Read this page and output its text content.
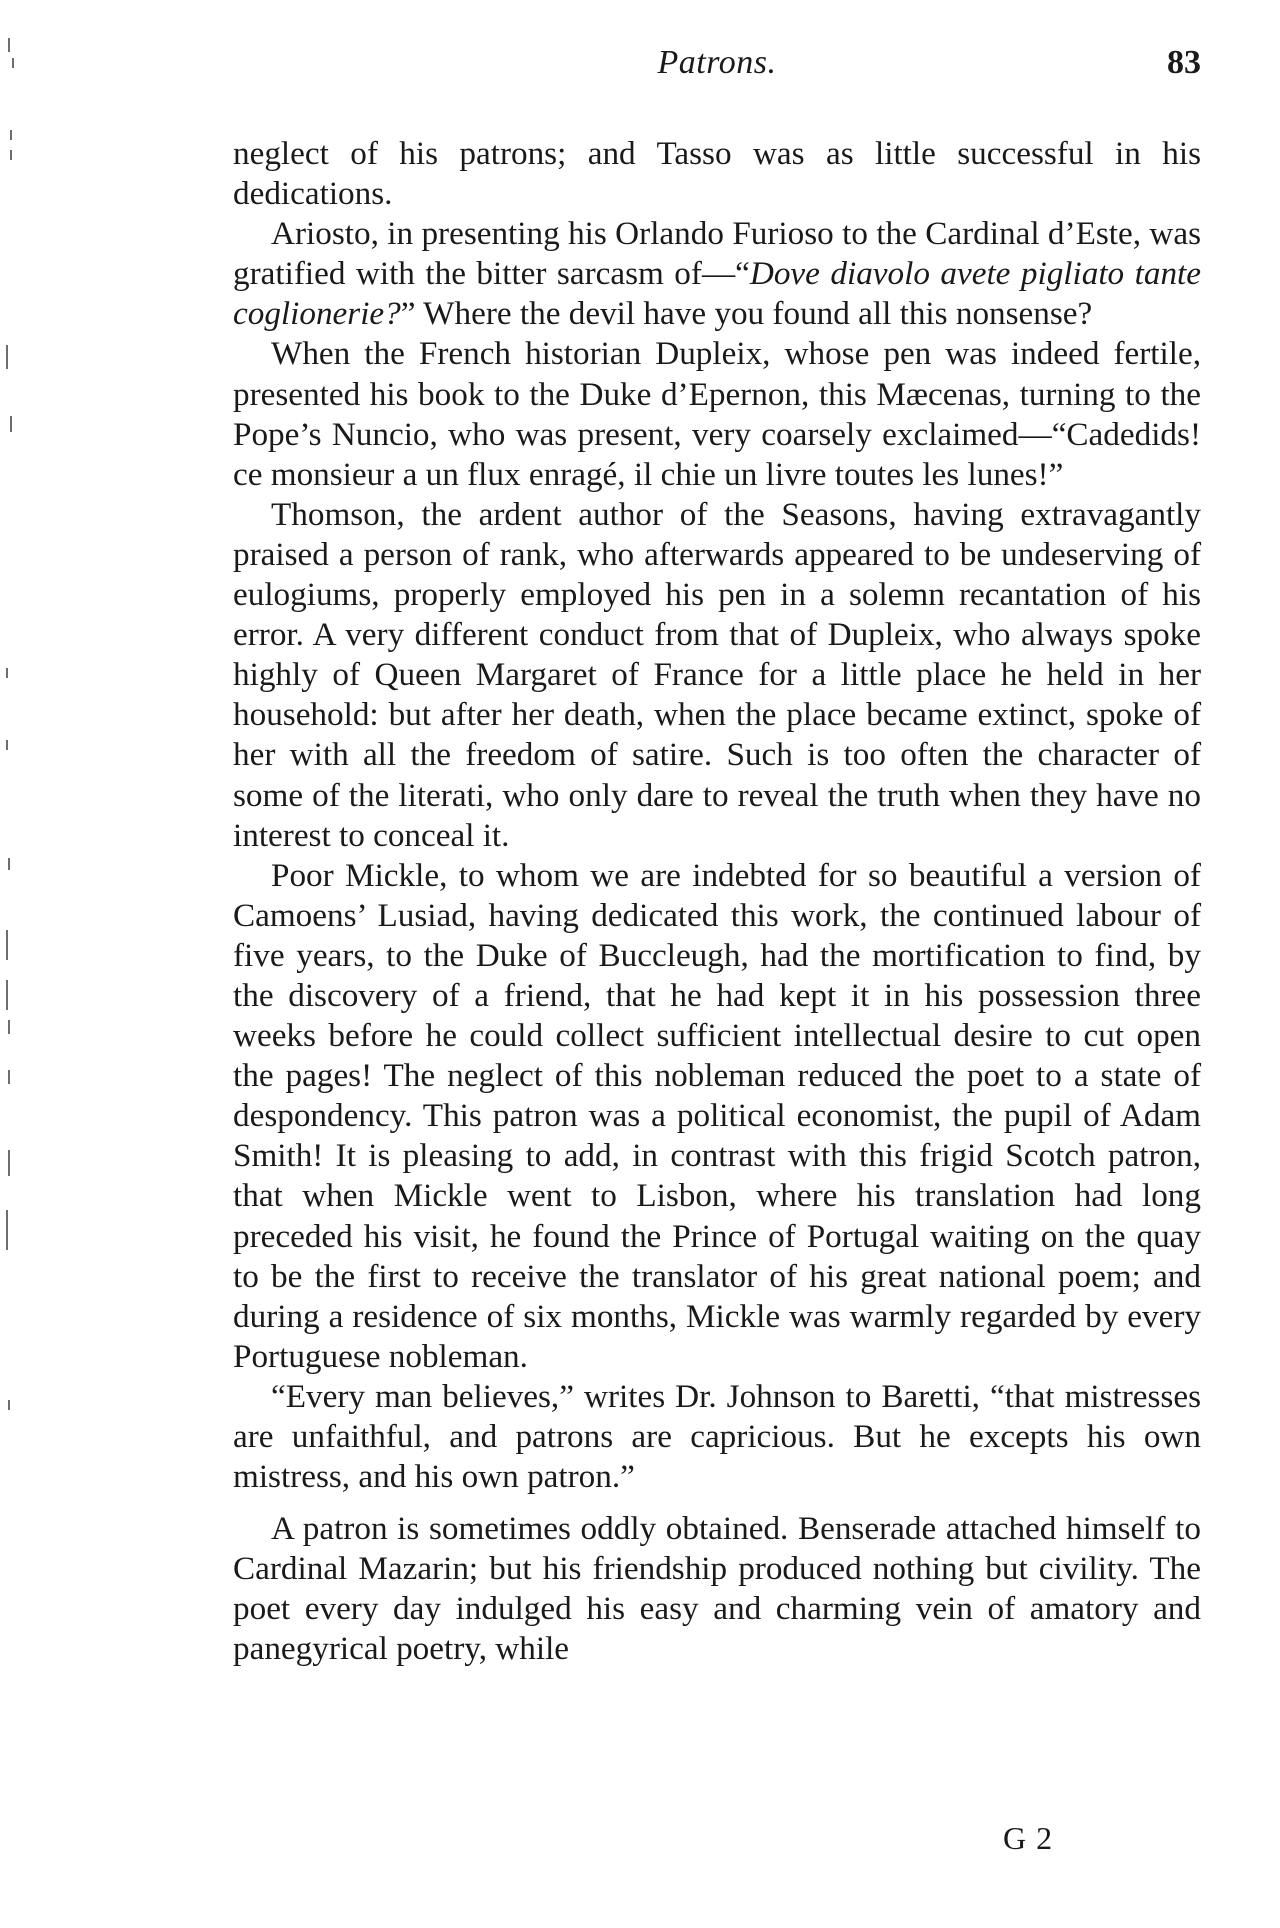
Patrons.	83

neglect of his patrons; and Tasso was as little successful in his dedications.

Ariosto, in presenting his Orlando Furioso to the Cardinal d’Este, was gratified with the bitter sarcasm of—“Dove diavolo avete pigliato tante coglionerie?” Where the devil have you found all this nonsense?

When the French historian Dupleix, whose pen was indeed fertile, presented his book to the Duke d’Epernon, this Mæcenas, turning to the Pope’s Nuncio, who was present, very coarsely exclaimed—“Cadedids! ce monsieur a un flux enragé, il chie un livre toutes les lunes!”

Thomson, the ardent author of the Seasons, having extravagantly praised a person of rank, who afterwards appeared to be undeserving of eulogiums, properly employed his pen in a solemn recantation of his error. A very different conduct from that of Dupleix, who always spoke highly of Queen Margaret of France for a little place he held in her household: but after her death, when the place became extinct, spoke of her with all the freedom of satire. Such is too often the character of some of the literati, who only dare to reveal the truth when they have no interest to conceal it.

Poor Mickle, to whom we are indebted for so beautiful a version of Camoens’ Lusiad, having dedicated this work, the continued labour of five years, to the Duke of Buccleugh, had the mortification to find, by the discovery of a friend, that he had kept it in his possession three weeks before he could collect sufficient intellectual desire to cut open the pages! The neglect of this nobleman reduced the poet to a state of despondency. This patron was a political economist, the pupil of Adam Smith! It is pleasing to add, in contrast with this frigid Scotch patron, that when Mickle went to Lisbon, where his translation had long preceded his visit, he found the Prince of Portugal waiting on the quay to be the first to receive the translator of his great national poem; and during a residence of six months, Mickle was warmly regarded by every Portuguese nobleman.

“Every man believes,” writes Dr. Johnson to Baretti, “that mistresses are unfaithful, and patrons are capricious. But he excepts his own mistress, and his own patron.”

A patron is sometimes oddly obtained. Benserade attached himself to Cardinal Mazarin; but his friendship produced nothing but civility. The poet every day indulged his easy and charming vein of amatory and panegyrical poetry, while

G 2
